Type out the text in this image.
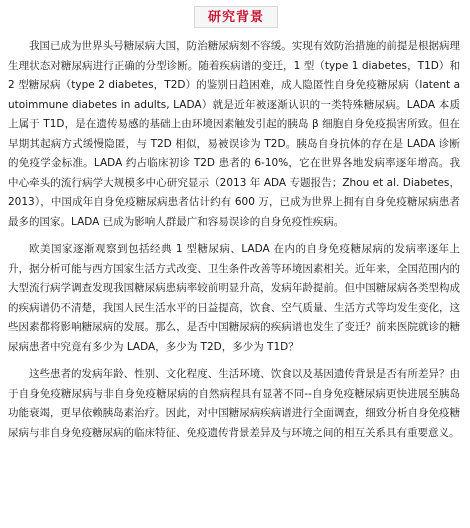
研究背景

我国已成为世界头号糖尿病大国，防治糖尿病刻不容缓。实现有效防治措施的前提是根据病理生理状态对糖尿病进行正确的分型诊断。随着疾病谱的变迁，1 型（type 1 diabetes，T1D）和 2 型糖尿病（type 2 diabetes，T2D）的鉴别日趋困难，成人隐匿性自身免疫糖尿病（latent autoimmune diabetes in adults, LADA）就是近年被逐渐认识的一类特殊糖尿病。LADA 本质上属于 T1D，是在遗传易感的基础上由环境因素触发引起的胰岛 β 细胞自身免疫损害所致。但在早期其起病方式缓慢隐匿，与 T2D 相似，易被误诊为 T2D。胰岛自身抗体的存在是 LADA 诊断的免疫学金标准。LADA 约占临床初诊 T2D 患者的 6-10%，它在世界各地发病率逐年增高。我中心牵头的流行病学大规模多中心研究显示（2013 年 ADA 专题报告；Zhou et al. Diabetes，2013），中国成年自身免疫糖尿病患者估计约有 600 万，已成为世界上拥有自身免疫糖尿病患者最多的国家。LADA 已成为影响人群最广和容易误诊的自身免疫性疾病。

欧美国家逐渐观察到包括经典 1 型糖尿病、LADA 在内的自身免疫糖尿病的发病率逐年上升，据分析可能与西方国家生活方式改变、卫生条件改善等环境因素相关。近年来，全国范围内的大型流行病学调查发现我国糖尿病患病率较前明显升高，发病年龄提前。但中国糖尿病各类型构成的疾病谱仍不清楚，我国人民生活水平的日益提高，饮食、空气质量、生活方式等均发生变化，这些因素都将影响糖尿病的发展。那么，是否中国糖尿病的疾病谱也发生了变迁？前来医院就诊的糖尿病患者中究竟有多少为 LADA，多少为 T2D，多少为 T1D？

这些患者的发病年龄、性别、文化程度、生活环境、饮食以及基因遗传背景是否有所差异？由于自身免疫糖尿病与非自身免疫糖尿病的自然病程具有显著不同--自身免疫糖尿病更快进展至胰岛功能衰竭，更早依赖胰岛素治疗。因此，对中国糖尿病疾病谱进行全面调查，细致分析自身免疫糖尿病与非自身免疫糖尿病的临床特征、免疫遗传背景差异及与环境之间的相互关系具有重要意义。
